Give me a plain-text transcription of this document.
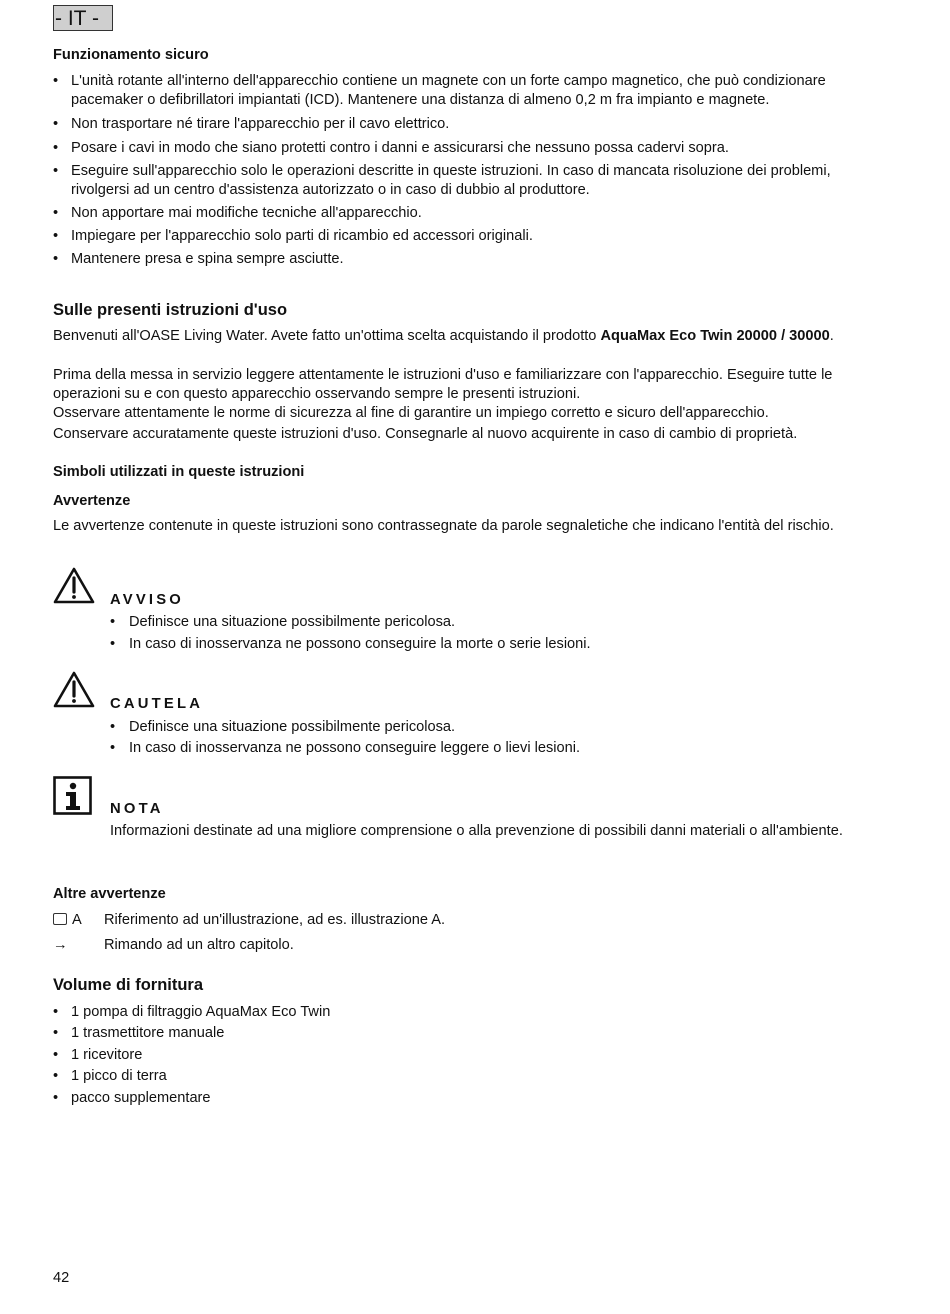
- IT -
Funzionamento sicuro
• L'unità rotante all'interno dell'apparecchio contiene un magnete con un forte campo magnetico, che può condizionare pacemaker o defibrillatori impiantati (ICD). Mantenere una distanza di almeno 0,2 m fra impianto e magnete.
• Non trasportare né tirare l'apparecchio per il cavo elettrico.
• Posare i cavi in modo che siano protetti contro i danni e assicurarsi che nessuno possa cadervi sopra.
• Eseguire sull'apparecchio solo le operazioni descritte in queste istruzioni. In caso di mancata risoluzione dei problemi, rivolgersi ad un centro d'assistenza autorizzato o in caso di dubbio al produttore.
• Non apportare mai modifiche tecniche all'apparecchio.
• Impiegare per l'apparecchio solo parti di ricambio ed accessori originali.
• Mantenere presa e spina sempre asciutte.
Sulle presenti istruzioni d'uso
Benvenuti all'OASE Living Water. Avete fatto un'ottima scelta acquistando il prodotto AquaMax Eco Twin 20000 / 30000.
Prima della messa in servizio leggere attentamente le istruzioni d'uso e familiarizzare con l'apparecchio. Eseguire tutte le operazioni su e con questo apparecchio osservando sempre le presenti istruzioni.
Osservare attentamente le norme di sicurezza al fine di garantire un impiego corretto e sicuro dell'apparecchio.
Conservare accuratamente queste istruzioni d'uso. Consegnarle al nuovo acquirente in caso di cambio di proprietà.
Simboli utilizzati in queste istruzioni
Avvertenze
Le avvertenze contenute in queste istruzioni sono contrassegnate da parole segnaletiche che indicano l'entità del rischio.
AVVISO
• Definisce una situazione possibilmente pericolosa.
• In caso di inosservanza ne possono conseguire la morte o serie lesioni.
CAUTELA
• Definisce una situazione possibilmente pericolosa.
• In caso di inosservanza ne possono conseguire leggere o lievi lesioni.
NOTA
Informazioni destinate ad una migliore comprensione o alla prevenzione di possibili danni materiali o all'ambiente.
Altre avvertenze
A Riferimento ad un'illustrazione, ad es. illustrazione A.
→ Rimando ad un altro capitolo.
Volume di fornitura
• 1 pompa di filtraggio AquaMax Eco Twin
• 1 trasmettitore manuale
• 1 ricevitore
• 1 picco di terra
• pacco supplementare
42
